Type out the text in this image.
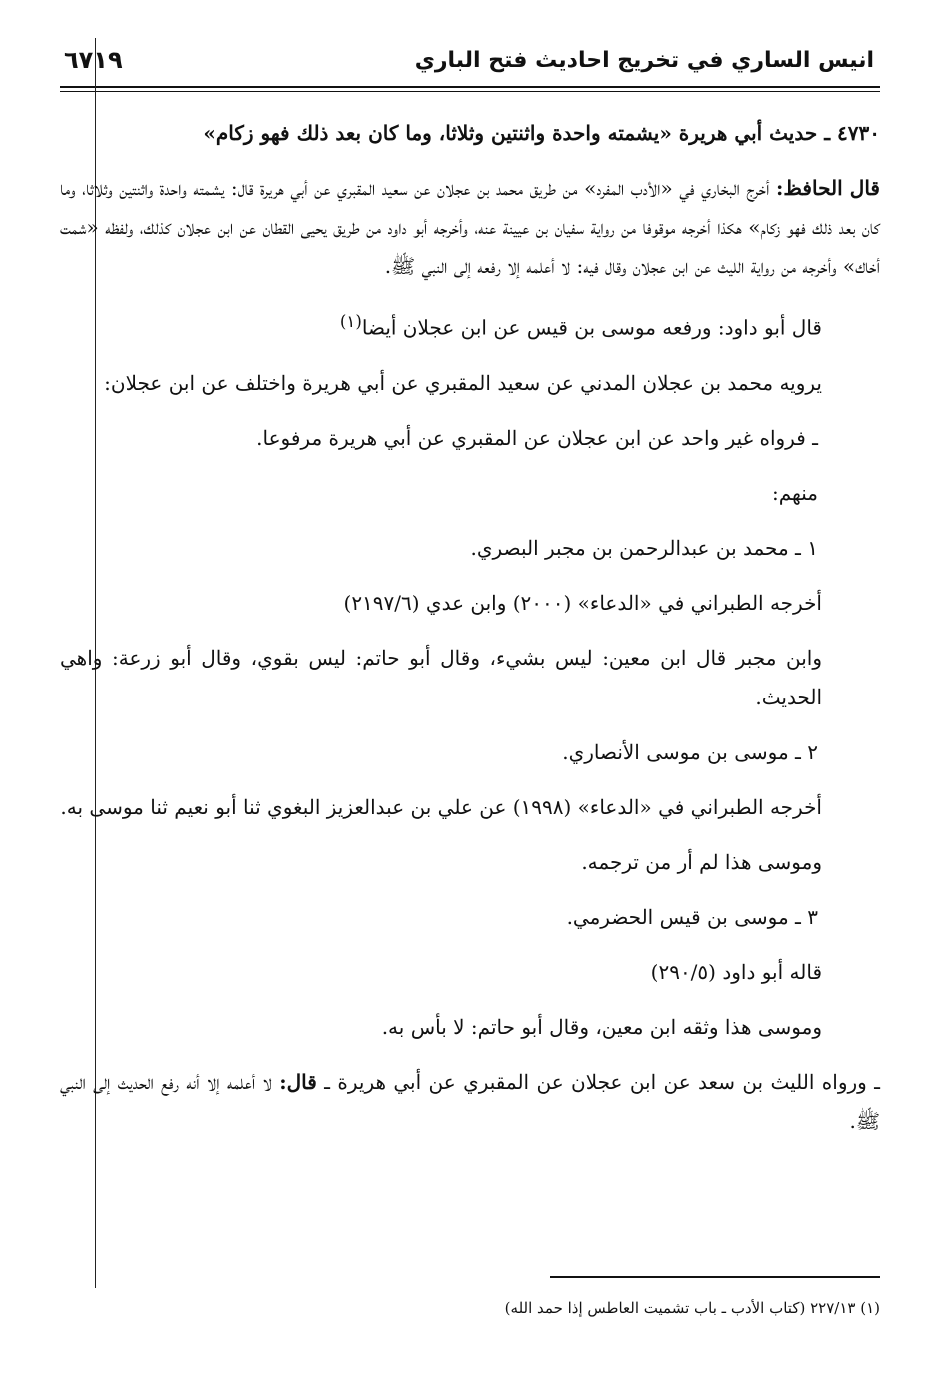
انيس الساري في تخريج احاديث فتح الباري
٦٧١٩

٤٧٣٠ ـ حديث أبي هريرة «يشمته واحدة واثنتين وثلاثا، وما كان بعد ذلك فهو زكام»

قال الحافظ: أخرج البخاري في «الأدب المفرد» من طريق محمد بن عجلان عن سعيد المقبري عن أبي هريرة قال: يشمته واحدة واثنتين وثلاثا، وما كان بعد ذلك فهو زكام» هكذا أخرجه موقوفا من رواية سفيان بن عيينة عنه، وأخرجه أبو داود من طريق يحيى القطان عن ابن عجلان كذلك، ولفظه «شمت أخاك» وأخرجه من رواية الليث عن ابن عجلان وقال فيه: لا أعلمه إلا رفعه إلى النبي ﷺ.

قال أبو داود: ورفعه موسى بن قيس عن ابن عجلان أيضا$^{(١)}$

يرويه محمد بن عجلان المدني عن سعيد المقبري عن أبي هريرة واختلف عن ابن عجلان:

ـ فرواه غير واحد عن ابن عجلان عن المقبري عن أبي هريرة مرفوعا.

منهم:

١ ـ محمد بن عبدالرحمن بن مجبر البصري.

أخرجه الطبراني في «الدعاء» (٢٠٠٠) وابن عدي (٢١٩٧/٦)

وابن مجبر قال ابن معين: ليس بشيء، وقال أبو حاتم: ليس بقوي، وقال أبو زرعة: واهي الحديث.

٢ ـ موسى بن موسى الأنصاري.

أخرجه الطبراني في «الدعاء» (١٩٩٨) عن علي بن عبدالعزيز البغوي ثنا أبو نعيم ثنا موسى به.

وموسى هذا لم أر من ترجمه.

٣ ـ موسى بن قيس الحضرمي.

قاله أبو داود (٢٩٠/٥)

وموسى هذا وثقه ابن معين، وقال أبو حاتم: لا بأس به.

ـ ورواه الليث بن سعد عن ابن عجلان عن المقبري عن أبي هريرة ـ قال: لا أعلمه إلا أنه رفع الحديث إلى النبي ﷺ.

(١) ٢٢٧/١٣ (كتاب الأدب ـ باب تشميت العاطس إذا حمد الله)
